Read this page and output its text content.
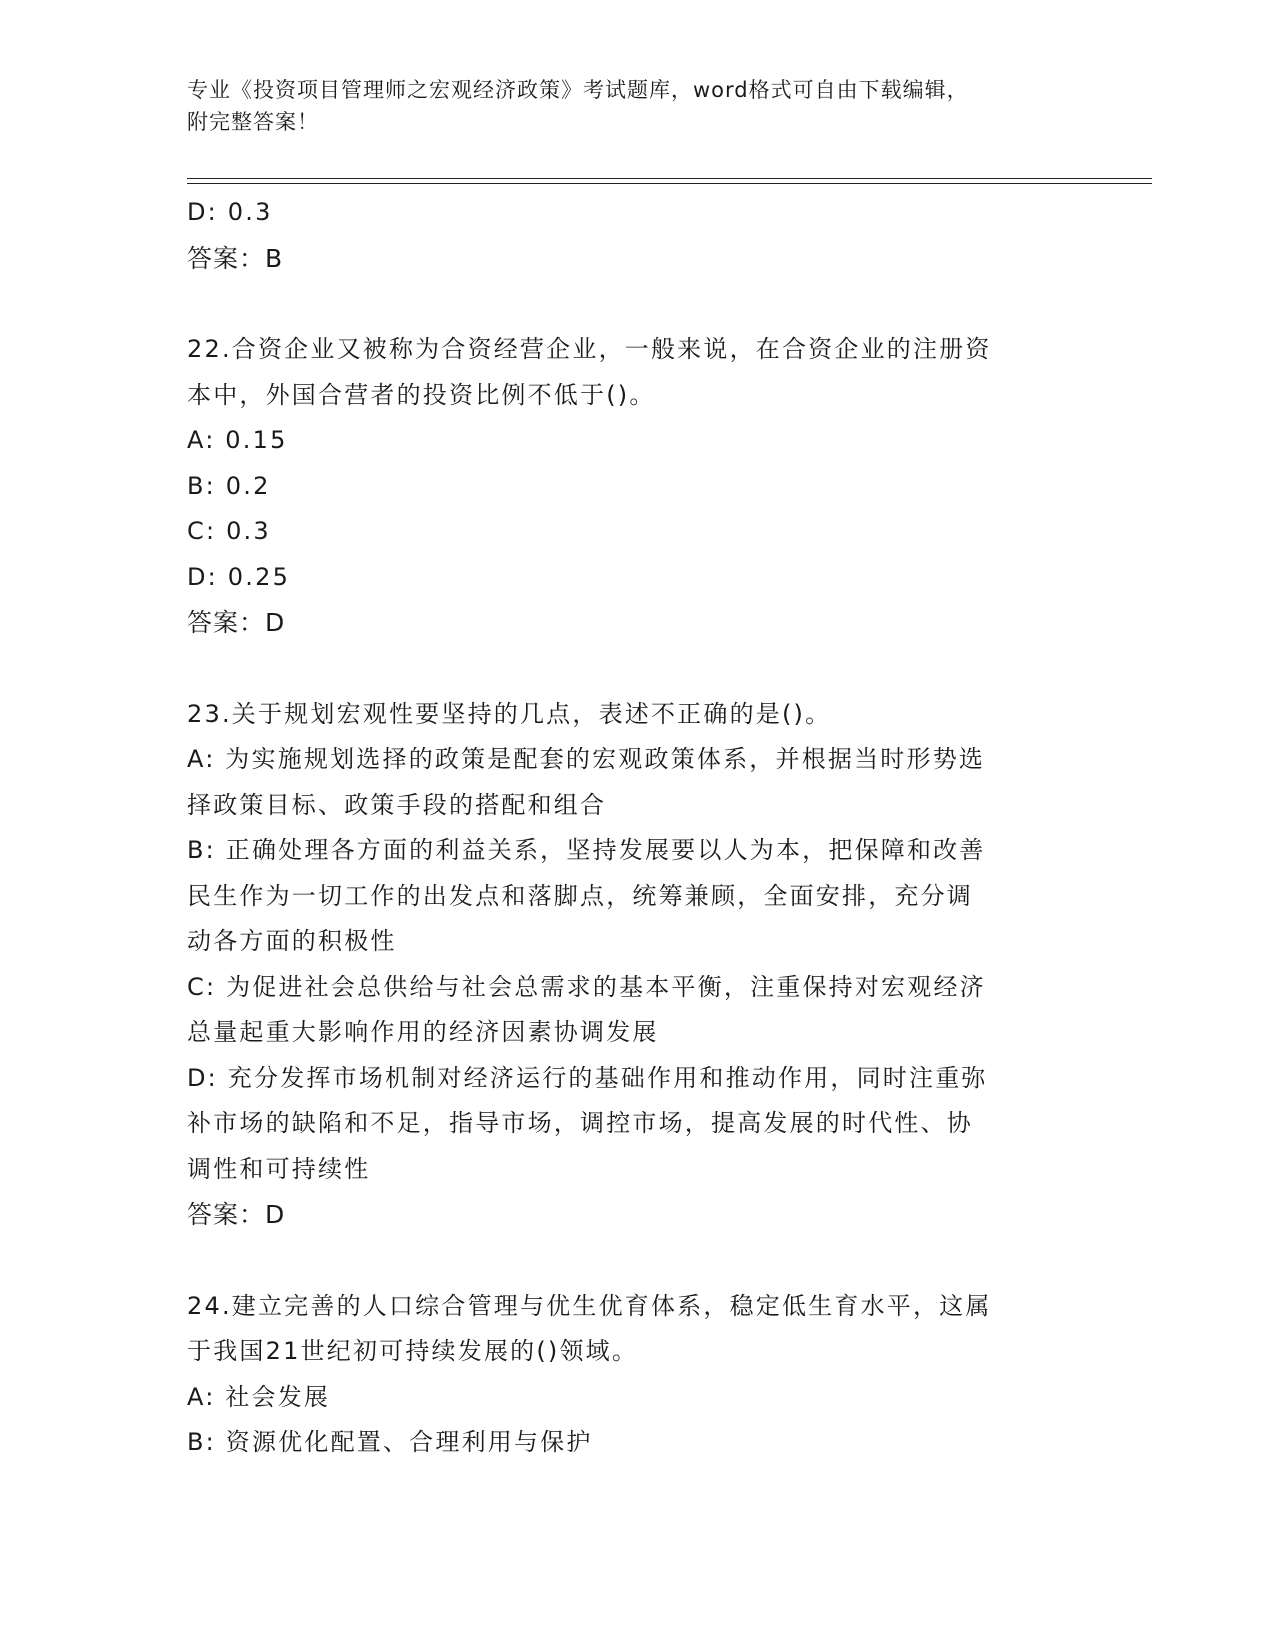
专业《投资项目管理师之宏观经济政策》考试题库，word格式可自由下载编辑，
附完整答案！
D: 0.3
答案：B
22.合资企业又被称为合资经营企业，一般来说，在合资企业的注册资
本中，外国合营者的投资比例不低于()。
A: 0.15
B: 0.2
C: 0.3
D: 0.25
答案：D
23.关于规划宏观性要坚持的几点，表述不正确的是()。
A: 为实施规划选择的政策是配套的宏观政策体系，并根据当时形势选
择政策目标、政策手段的搭配和组合
B: 正确处理各方面的利益关系，坚持发展要以人为本，把保障和改善
民生作为一切工作的出发点和落脚点，统筹兼顾，全面安排，充分调
动各方面的积极性
C: 为促进社会总供给与社会总需求的基本平衡，注重保持对宏观经济
总量起重大影响作用的经济因素协调发展
D: 充分发挥市场机制对经济运行的基础作用和推动作用，同时注重弥
补市场的缺陷和不足，指导市场，调控市场，提高发展的时代性、协
调性和可持续性
答案：D
24.建立完善的人口综合管理与优生优育体系，稳定低生育水平，这属
于我国21世纪初可持续发展的()领域。
A: 社会发展
B: 资源优化配置、合理利用与保护
